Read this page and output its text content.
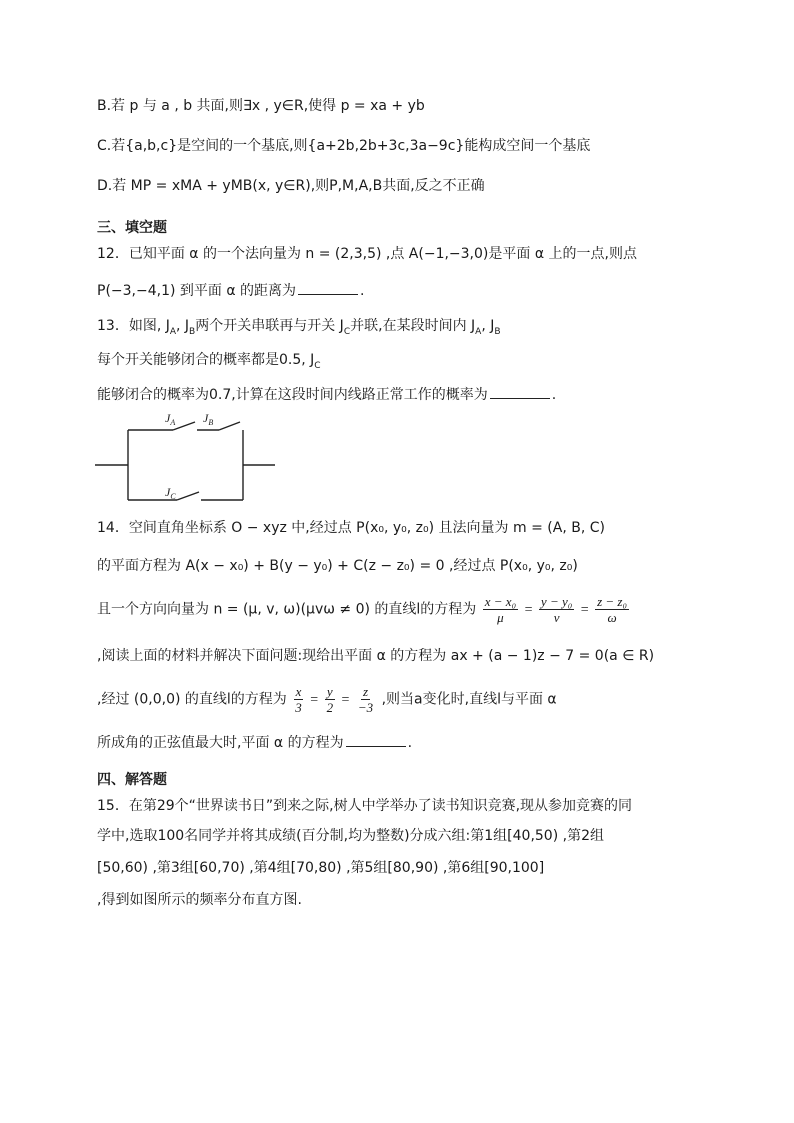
B.若 p 与 a , b 共面,则∃x , y∈R,使得 p = xa + yb
C.若{a,b,c}是空间的一个基底,则{a+2b,2b+3c,3a−9c}能构成空间一个基底
D.若 MP = xMA + yMB(x, y∈R),则P,M,A,B共面,反之不正确
三、填空题
12．已知平面 α 的一个法向量为 n = (2,3,5) ,点 A(−1,−3,0)是平面 α 上的一点,则点
P(−3,−4,1) 到平面 α 的距离为	.
13．如图, $J_A$, $J_B$两个开关串联再与开关 $J_C$并联,在某段时间内 $J_A$, $J_B$
每个开关能够闭合的概率都是0.5, $J_C$
能够闭合的概率为0.7,计算在这段时间内线路正常工作的概率为	.
$J_A$ $J_B$
$J_C$
14．空间直角坐标系 O − xyz 中,经过点 P(x₀, y₀, z₀) 且法向量为 m = (A, B, C)
的平面方程为 A(x − x₀) + B(y − y₀) + C(z − z₀) = 0 ,经过点 P(x₀, y₀, z₀)
且一个方向向量为 n = (μ, v, ω)(μvω ≠ 0) 的直线l的方程为 $\frac{\text{x − x₀}}{\mu} = \frac{\text{y − y₀}}{v} = \frac{\text{z − z₀}}{\omega}$
,阅读上面的材料并解决下面问题:现给出平面 α 的方程为 ax + (a − 1)z − 7 = 0(a ∈ R)
,经过 (0,0,0) 的直线l的方程为 $\frac{x}{3} = \frac{y}{2} = \frac{z}{-3}$ ,则当a变化时,直线l与平面 α
所成角的正弦值最大时,平面 α 的方程为	.
四、解答题
15．在第29个“世界读书日”到来之际,树人中学举办了读书知识竞赛,现从参加竞赛的同
学中,选取100名同学并将其成绩(百分制,均为整数)分成六组:第1组[40,50) ,第2组
[50,60) ,第3组[60,70) ,第4组[70,80) ,第5组[80,90) ,第6组[90,100]
,得到如图所示的频率分布直方图.
